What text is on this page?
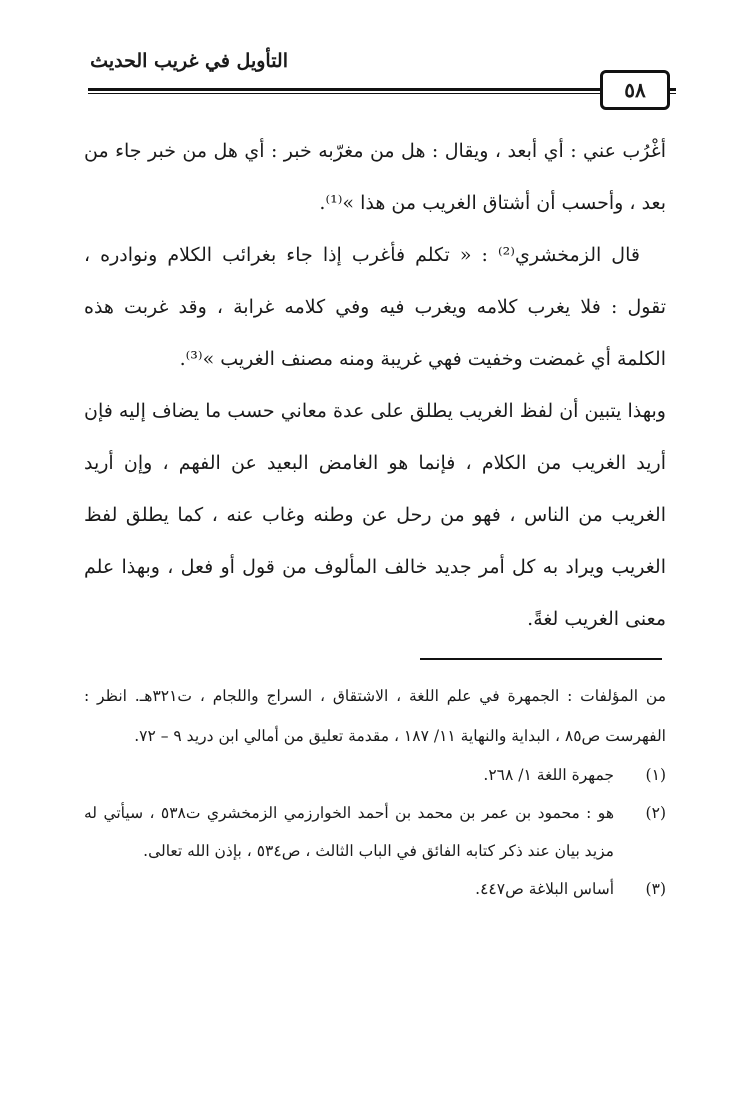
التأويل في غريب الحديث
٥٨

أغْرُب عني : أي أبعد ، ويقال : هل من مغرّبه خبر : أي هل من خبر جاء من بعد ، وأحسب أن أشتاق الغريب من هذا »⁽¹⁾.

قال الزمخشري⁽²⁾ : « تكلم فأغرب إذا جاء بغرائب الكلام ونوادره ، تقول : فلا يغرب كلامه ويغرب فيه وفي كلامه غرابة ، وقد غربت هذه الكلمة أي غمضت وخفيت فهي غريبة ومنه مصنف الغريب »⁽³⁾.

وبهذا يتبين أن لفظ الغريب يطلق على عدة معاني حسب ما يضاف إليه فإن أريد الغريب من الكلام ، فإنما هو الغامض البعيد عن الفهم ، وإن أريد الغريب من الناس ، فهو من رحل عن وطنه وغاب عنه ، كما يطلق لفظ الغريب ويراد به كل أمر جديد خالف المألوف من قول أو فعل ، وبهذا علم معنى الغريب لغةً.

من المؤلفات : الجمهرة في علم اللغة ، الاشتقاق ، السراج واللجام ، ت٣٢١هـ. انظر : الفهرست ص٨٥ ، البداية والنهاية ١١/ ١٨٧ ، مقدمة تعليق من أمالي ابن دريد ٩ – ٧٢.

(١)
جمهرة اللغة ١/ ٢٦٨.
(٢)
هو : محمود بن عمر بن محمد بن أحمد الخوارزمي الزمخشري ت٥٣٨ ، سيأتي له مزيد بيان عند ذكر كتابه الفائق في الباب الثالث ، ص٥٣٤ ، بإذن الله تعالى.
(٣)
أساس البلاغة ص٤٤٧.
